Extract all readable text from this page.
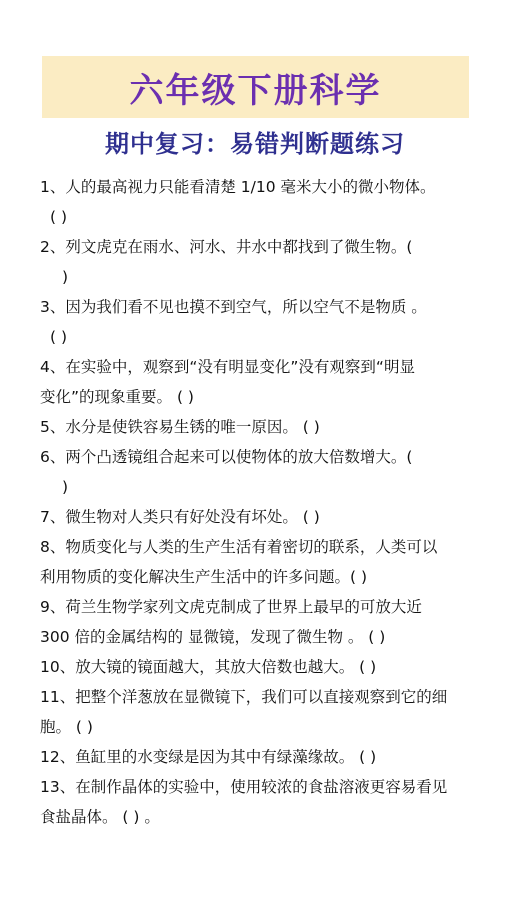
六年级下册科学
期中复习：易错判断题练习
1、人的最高视力只能看清楚 1/10 毫米大小的微小物体。
( )
2、列文虎克在雨水、河水、井水中都找到了微生物。(
)
3、因为我们看不见也摸不到空气，所以空气不是物质 。
( )
4、在实验中，观察到“没有明显变化”没有观察到“明显
变化”的现象重要。 ( )
5、水分是使铁容易生锈的唯一原因。 ( )
6、两个凸透镜组合起来可以使物体的放大倍数增大。(
)
7、微生物对人类只有好处没有坏处。 ( )
8、物质变化与人类的生产生活有着密切的联系，人类可以
利用物质的变化解决生产生活中的许多问题。( )
9、荷兰生物学家列文虎克制成了世界上最早的可放大近
300 倍的金属结构的 显微镜，发现了微生物 。 ( )
10、放大镜的镜面越大，其放大倍数也越大。 ( )
11、把整个洋葱放在显微镜下，我们可以直接观察到它的细
胞。 ( )
12、鱼缸里的水变绿是因为其中有绿藻缘故。 ( )
13、在制作晶体的实验中，使用较浓的食盐溶液更容易看见
食盐晶体。 ( ) 。
